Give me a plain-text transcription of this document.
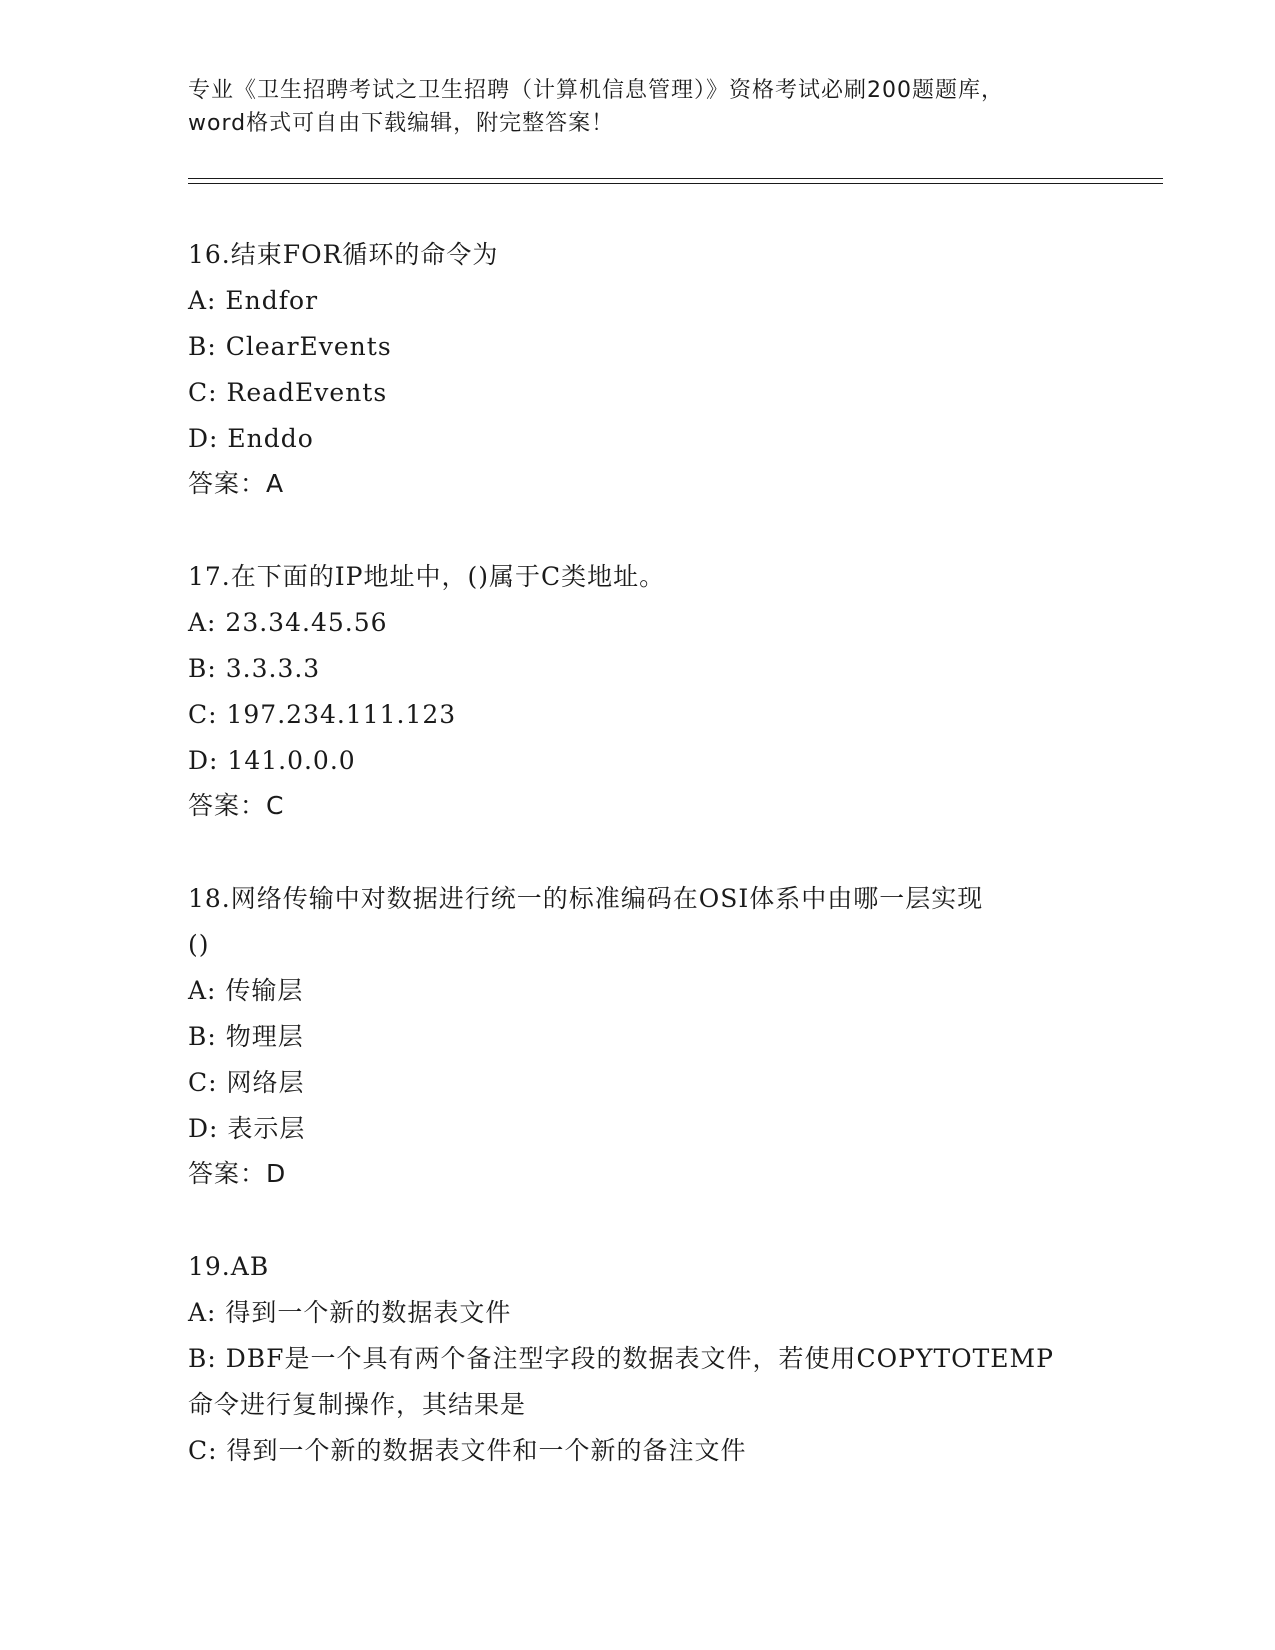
专业《卫生招聘考试之卫生招聘（计算机信息管理）》资格考试必刷200题题库，

word格式可自由下载编辑，附完整答案！

16.结束FOR循环的命令为

A: Endfor

B: ClearEvents

C: ReadEvents

D: Enddo

答案：A

17.在下面的IP地址中，()属于C类地址。

A: 23.34.45.56

B: 3.3.3.3

C: 197.234.111.123

D: 141.0.0.0

答案：C

18.网络传输中对数据进行统一的标准编码在OSI体系中由哪一层实现

()

A: 传输层

B: 物理层

C: 网络层

D: 表示层

答案：D

19.AB

A: 得到一个新的数据表文件

B: DBF是一个具有两个备注型字段的数据表文件，若使用COPYTOTEMP

命令进行复制操作，其结果是

C: 得到一个新的数据表文件和一个新的备注文件
